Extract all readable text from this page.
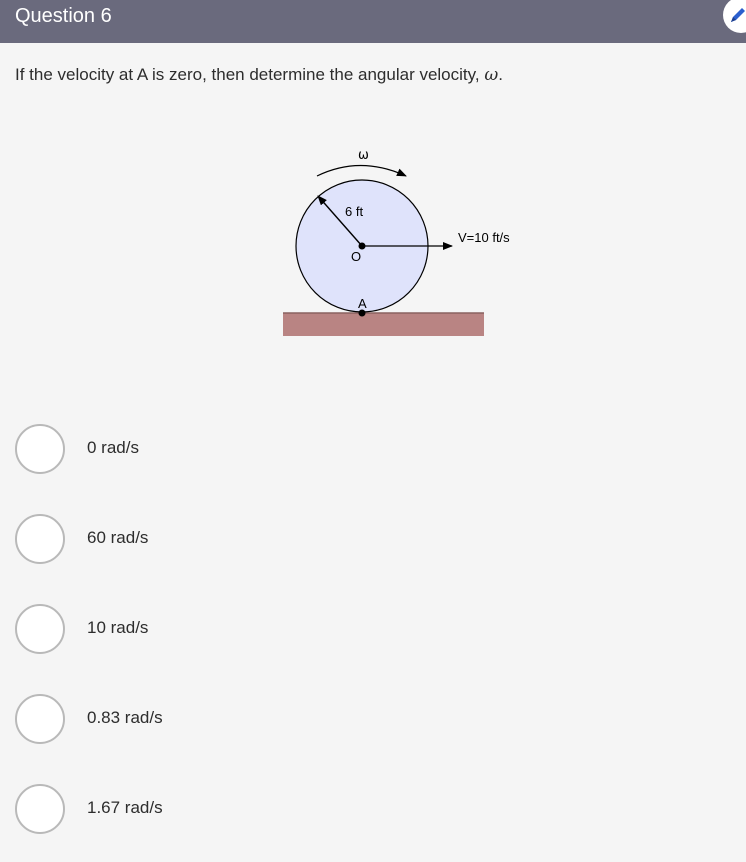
Question 6
If the velocity at A is zero, then determine the angular velocity, ω.
ω
6 ft
V=10 ft/s
O
A
0 rad/s
60 rad/s
10 rad/s
0.83 rad/s
1.67 rad/s
